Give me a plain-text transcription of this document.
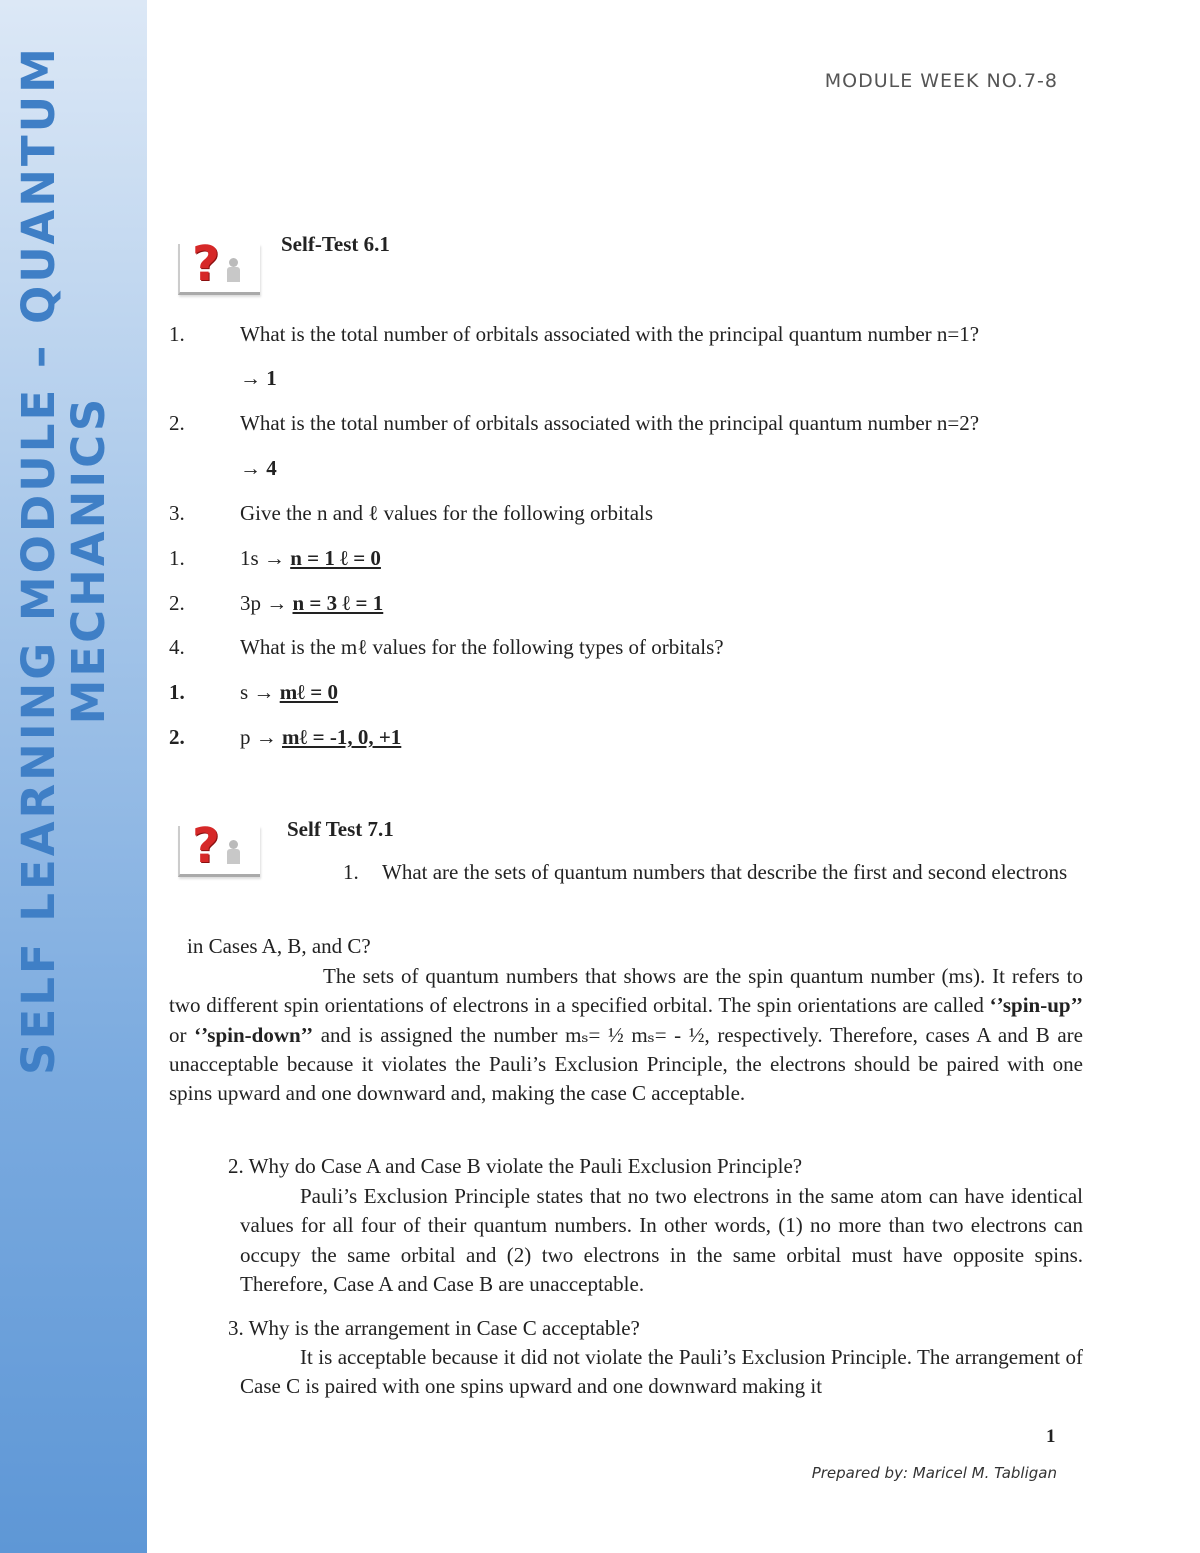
SELF LEARNING MODULE – QUANTUM
MECHANICS
MODULE WEEK NO.7-8
?	Self-Test 6.1
1.	What is the total number of orbitals associated with the principal quantum number n=1?
→ 1
2.	What is the total number of orbitals associated with the principal quantum number n=2?
→ 4
3.	Give the n and ℓ values for the following orbitals
1.	1s → n = 1 ℓ = 0
2.	3p → n = 3 ℓ = 1
4.	What is the mℓ values for the following types of orbitals?
1.	s → mℓ = 0
2.	p → mℓ = -1, 0, +1
?	Self Test 7.1
1.	What are the sets of quantum numbers that describe the first and second electrons
in Cases A, B, and C?
The sets of quantum numbers that shows are the spin quantum number (ms). It refers to two different spin orientations of electrons in a specified orbital. The spin orientations are called ‘’spin-up’’ or ‘’spin-down’’ and is assigned the number mₛ= ½ mₛ= - ½, respectively. Therefore, cases A and B are unacceptable because it violates the Pauli’s Exclusion Principle, the electrons should be paired with one spins upward and one downward and, making the case C acceptable.
2. Why do Case A and Case B violate the Pauli Exclusion Principle?
Pauli’s Exclusion Principle states that no two electrons in the same atom can have identical values for all four of their quantum numbers. In other words, (1) no more than two electrons can occupy the same orbital and (2) two electrons in the same orbital must have opposite spins. Therefore, Case A and Case B are unacceptable.
3. Why is the arrangement in Case C acceptable?
It is acceptable because it did not violate the Pauli’s Exclusion Principle. The arrangement of Case C is paired with one spins upward and one downward making it
1
Prepared by: Maricel M. Tabligan
